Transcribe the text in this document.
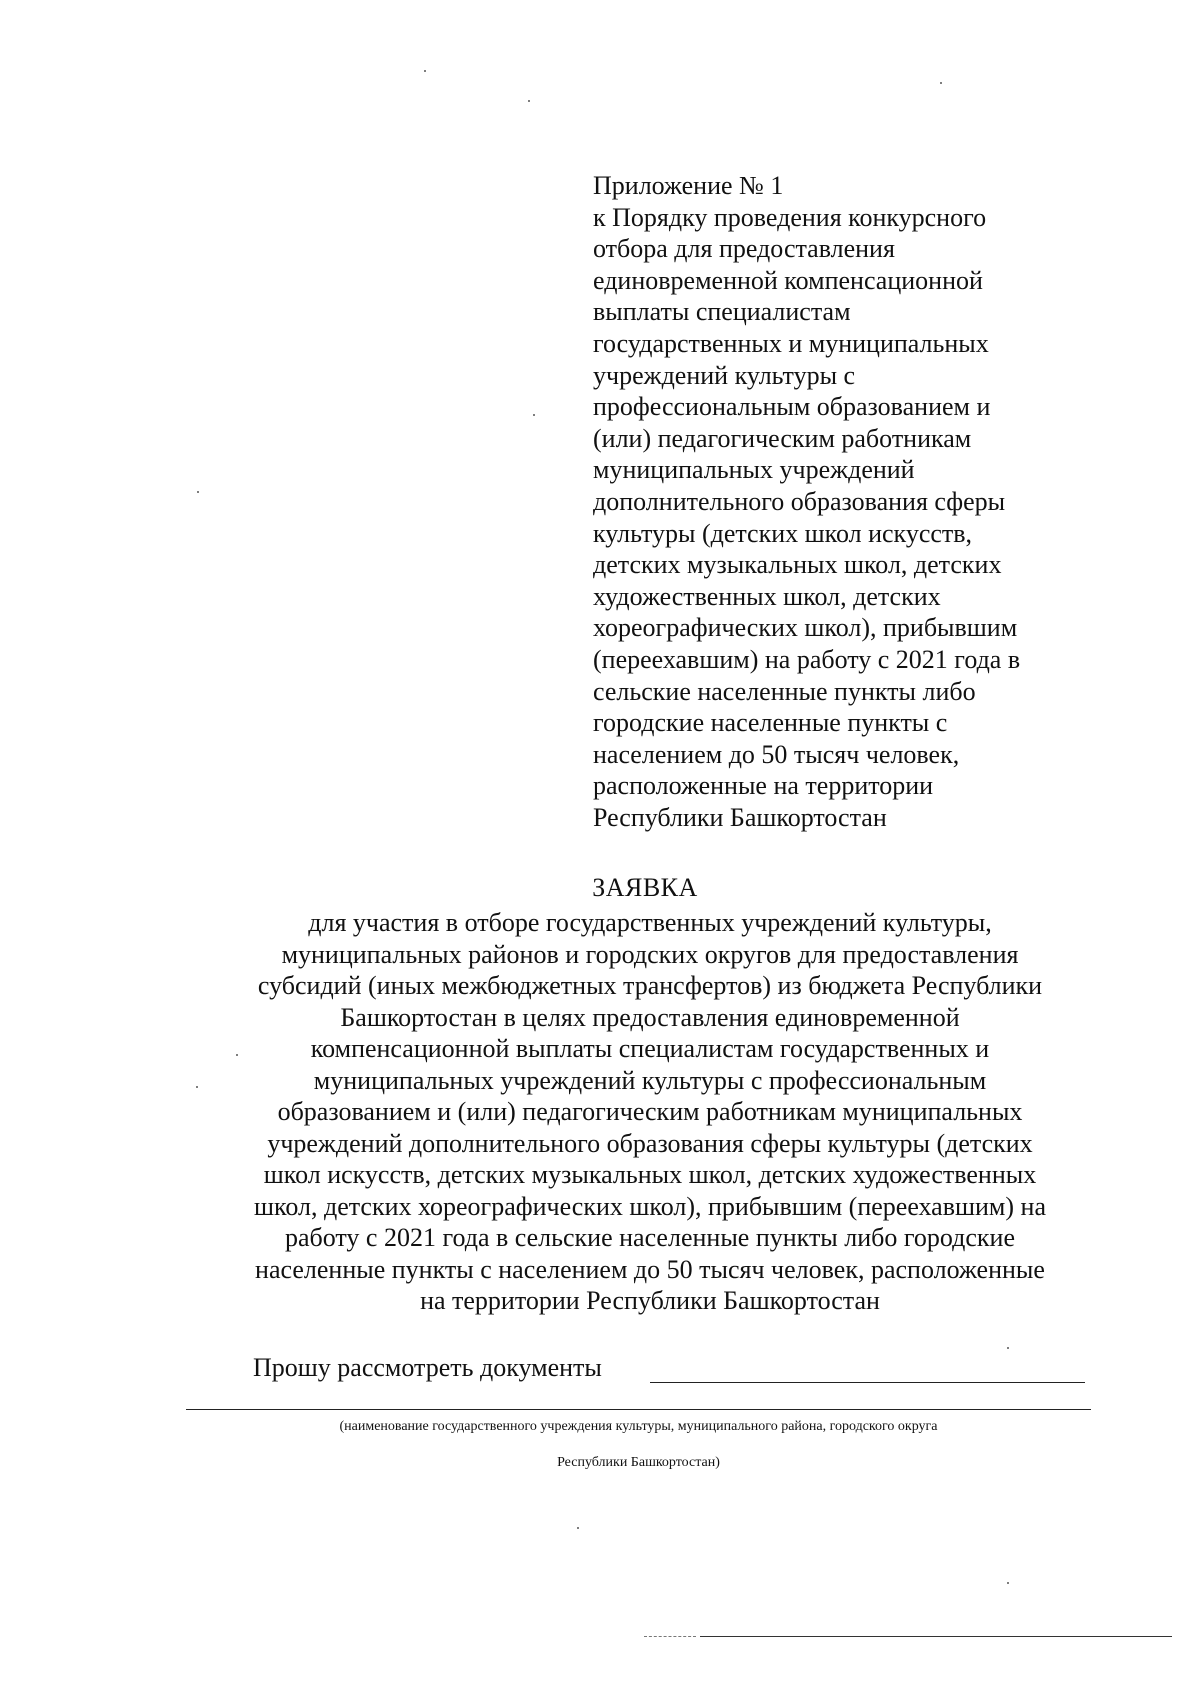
Приложение № 1
к Порядку проведения конкурсного
отбора для предоставления
единовременной компенсационной
выплаты специалистам
государственных и муниципальных
учреждений культуры с
профессиональным образованием и
(или) педагогическим работникам
муниципальных учреждений
дополнительного образования сферы
культуры (детских школ искусств,
детских музыкальных школ, детских
художественных школ, детских
хореографических школ), прибывшим
(переехавшим) на работу с 2021 года в
сельские населенные пункты либо
городские населенные пункты с
населением до 50 тысяч человек,
расположенные на территории
Республики Башкортостан
ЗАЯВКА
для участия в отборе государственных учреждений культуры,
муниципальных районов и городских округов для предоставления
субсидий (иных межбюджетных трансфертов) из бюджета Республики
Башкортостан в целях предоставления единовременной
компенсационной выплаты специалистам государственных и
муниципальных учреждений культуры с профессиональным
образованием и (или) педагогическим работникам муниципальных
учреждений дополнительного образования сферы культуры (детских
школ искусств, детских музыкальных школ, детских художественных
школ, детских хореографических школ), прибывшим (переехавшим) на
работу с 2021 года в сельские населенные пункты либо городские
населенные пункты с населением до 50 тысяч человек, расположенные
на территории Республики Башкортостан
Прошу рассмотреть документы
(наименование государственного учреждения культуры, муниципального района, городского округа
Республики Башкортостан)
